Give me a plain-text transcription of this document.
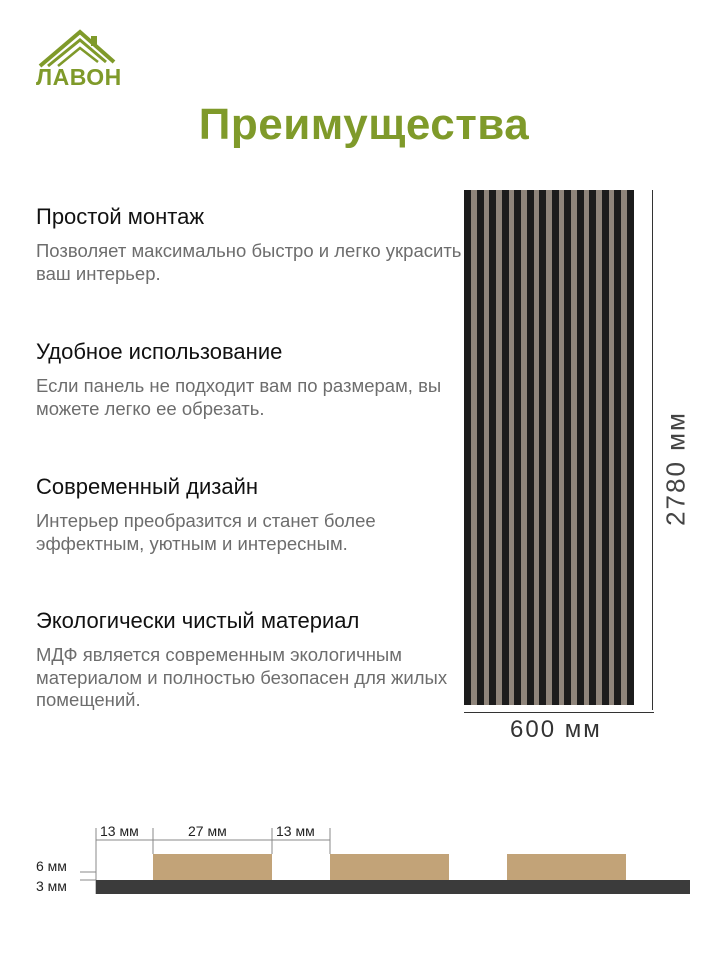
ЛАВОН
Преимущества
Простой монтаж

Позволяет максимально быстро и легко украсить ваш интерьер.

Удобное использование

Если панель не подходит вам по размерам, вы можете легко ее обрезать.

Современный дизайн

Интерьер преобразится и станет более эффектным, уютным и интересным.

Экологически чистый материал

МДФ является современным экологичным материалом и полностью безопасен для жилых помещений.

2780 мм
600 мм
13 мм	27 мм	13 мм
6 мм
3 мм
